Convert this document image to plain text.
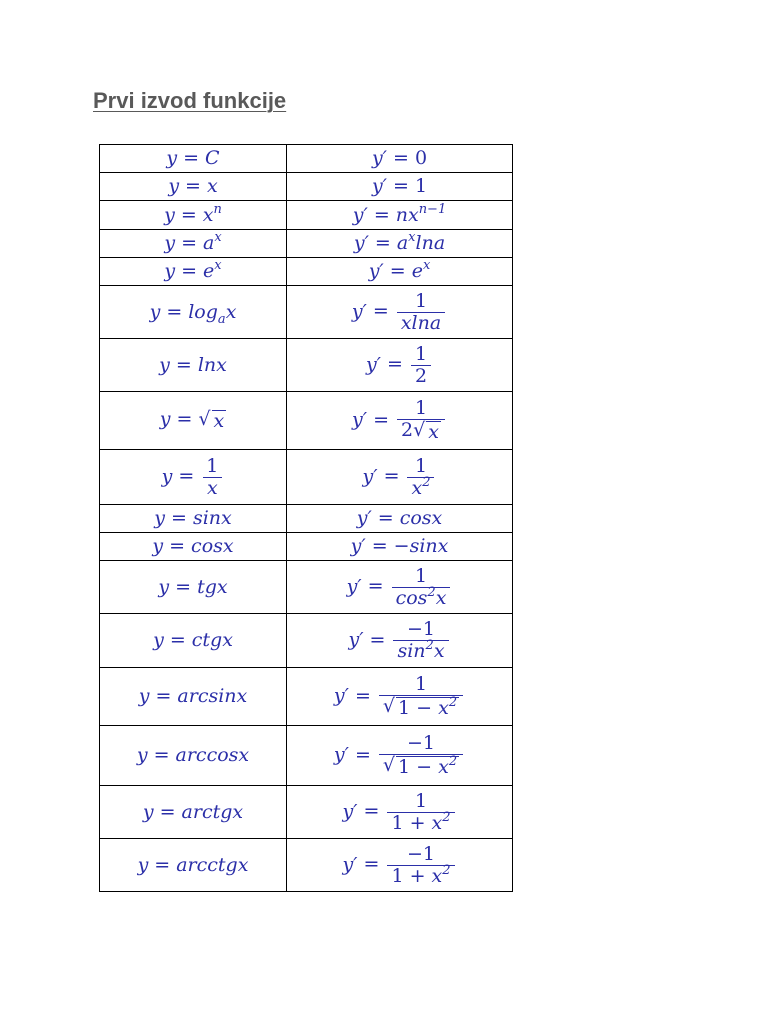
Prvi izvod funkcije
y = C	y′ = 0
y = x	y′ = 1
$y = x^n$	$y' = nx^{n-1}$
$y = a^x$	$y' = a^x\ln a$
$y = e^x$	$y' = e^x$
$y = \log_ax$	$y' = \frac{1}{xlna}$

y = lnx	$y' = \frac{1}{2}$

y = √ x	$y' = \frac{1}{2 √ x}$

$y = \frac{1}{x}$	$y' = \frac{1}{x^2}$

y = sinx	y′ = cosx
y = cosx	y′ = −sinx
y = tgx	$y' = \frac{1}{\cos^2x}$

y = ctgx	$y' = \frac{-1}{\sin^2x}$

y = arcsinx	$y' = \frac{1}{√ 1 - x^2}$

y = arccosx	$y' = \frac{-1}{√ 1 - x^2}$

y = arctgx	$y' = \frac{1}{1 + x^2}$

y = arcctgx	$y' = \frac{-1}{1 + x^2}$
